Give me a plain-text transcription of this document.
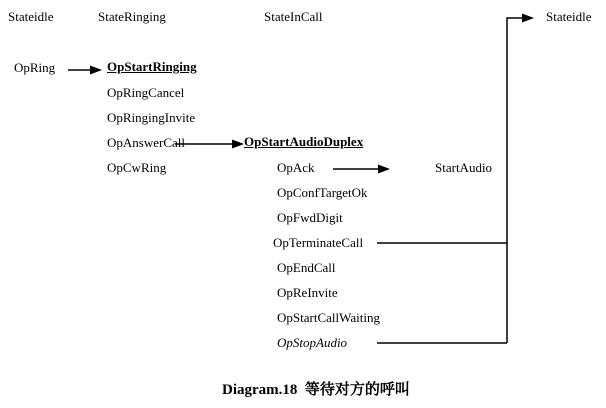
Stateidle	StateRinging	StateInCall	Stateidle
OpRing	OpStartRinging
OpRingCancel
OpRingingInvite
OpAnswerCall
OpCwRing
OpStartAudioDuplex
OpAck
OpConfTargetOk
OpFwdDigit
OpTerminateCall
OpEndCall
OpReInvite
OpStartCallWaiting
OpStopAudio
StartAudio
Diagram.18  等待对方的呼叫
